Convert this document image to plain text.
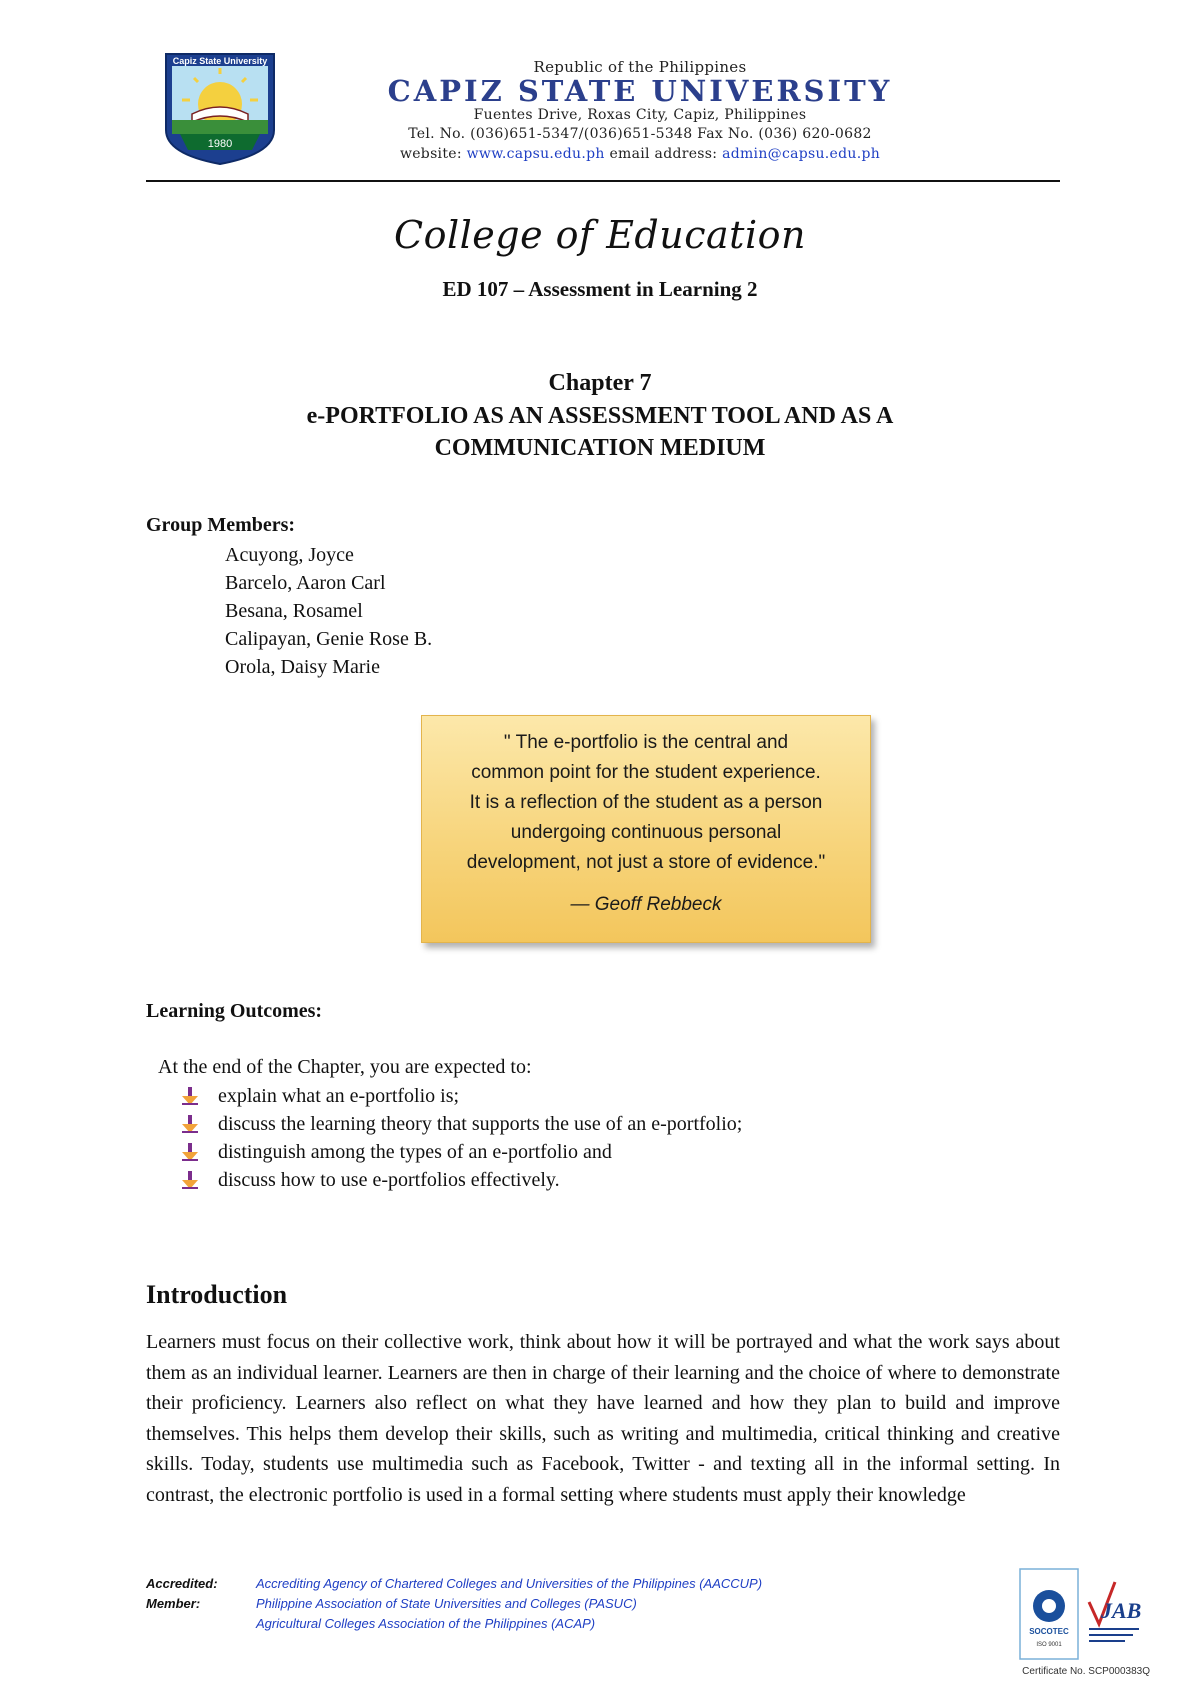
Capiz State University
1980
Republic of the Philippines
CAPIZ STATE UNIVERSITY
Fuentes Drive, Roxas City, Capiz, Philippines
Tel. No. (036)651-5347/(036)651-5348 Fax No. (036) 620-0682
website: www.capsu.edu.ph email address: admin@capsu.edu.ph
College of Education
ED 107 – Assessment in Learning 2
Chapter 7
e-PORTFOLIO AS AN ASSESSMENT TOOL AND AS A
COMMUNICATION MEDIUM
Group Members:
Acuyong, Joyce
Barcelo, Aaron Carl
Besana, Rosamel
Calipayan, Genie Rose B.
Orola, Daisy Marie
" The e-portfolio is the central and
common point for the student experience.
It is a reflection of the student as a person
undergoing continuous personal
development, not just a store of evidence."
— Geoff Rebbeck
Learning Outcomes:
At the end of the Chapter, you are expected to:
explain what an e-portfolio is;
discuss the learning theory that supports the use of an e-portfolio;
distinguish among the types of an e-portfolio and
discuss how to use e-portfolios effectively.
Introduction
Learners must focus on their collective work, think about how it will be portrayed and what the work says about them as an individual learner. Learners are then in charge of their learning and the choice of where to demonstrate their proficiency. Learners also reflect on what they have learned and how they plan to build and improve themselves. This helps them develop their skills, such as writing and multimedia, critical thinking and creative skills. Today, students use multimedia such as Facebook, Twitter - and texting all in the informal setting. In contrast, the electronic portfolio is used in a formal setting where students must apply their knowledge
Accredited:	Accrediting Agency of Chartered Colleges and Universities of the Philippines (AACCUP)
Member:	Philippine Association of State Universities and Colleges (PASUC)
Agricultural Colleges Association of the Philippines (ACAP)
SOCOTEC
ISO 9001
JAB
Certificate No. SCP000383Q
